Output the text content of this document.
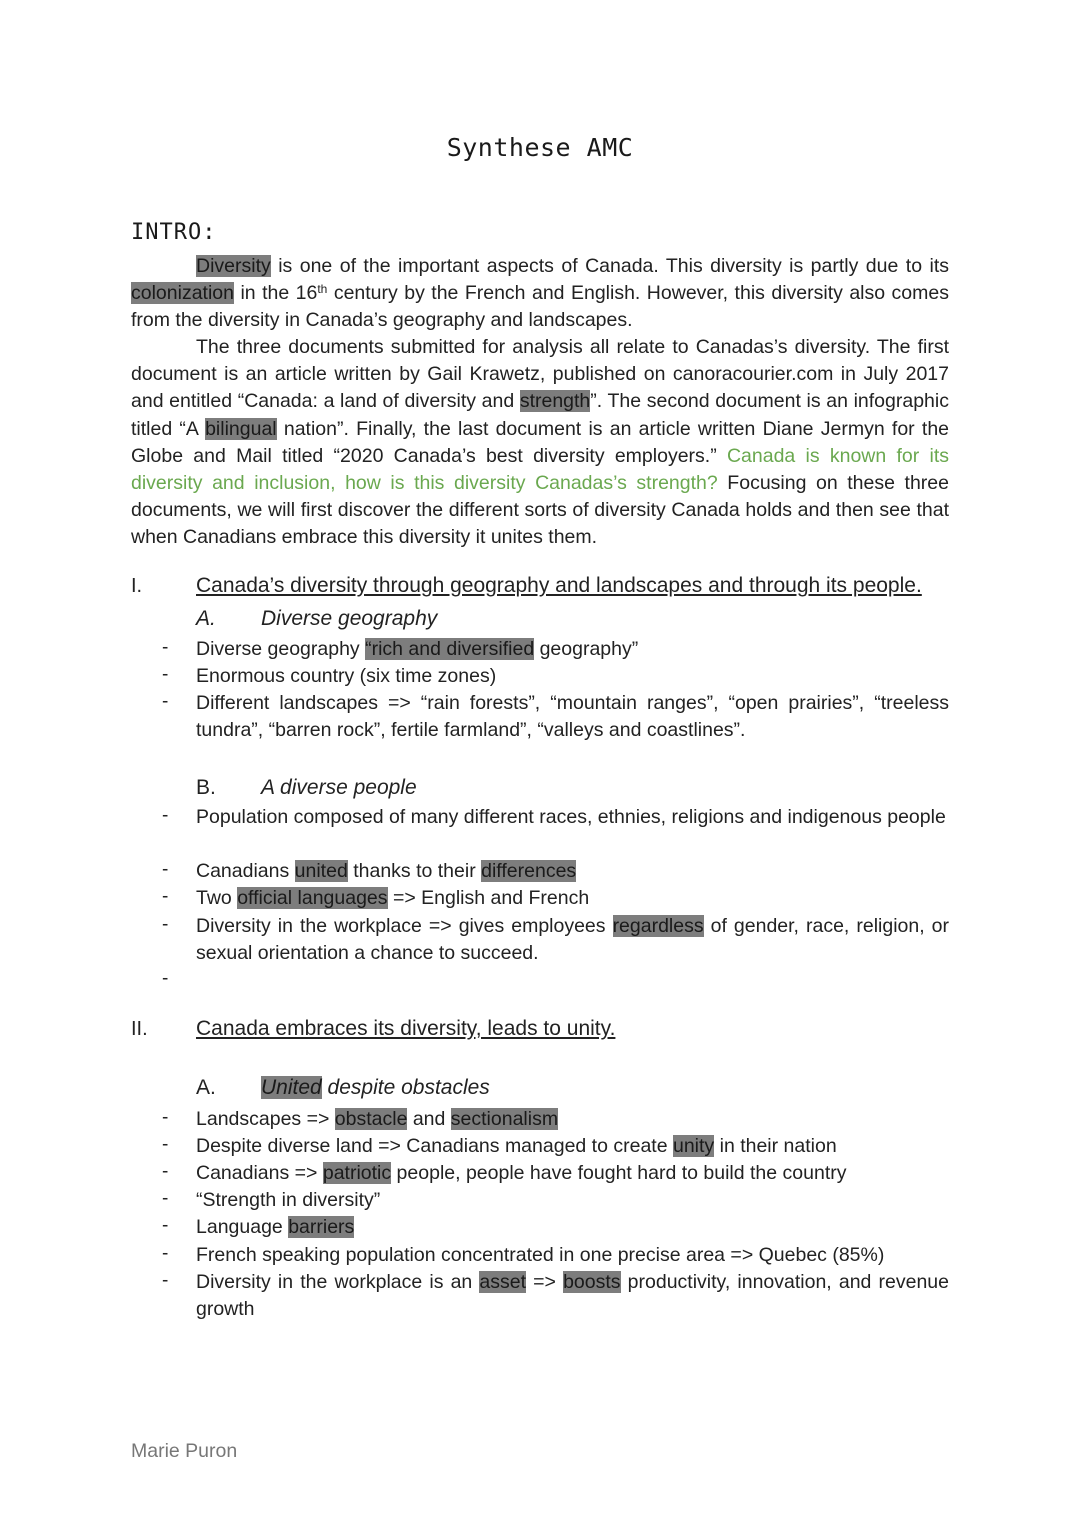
Synthese AMC
INTRO:
Diversity is one of the important aspects of Canada. This diversity is partly due to its colonization in the 16th century by the French and English. However, this diversity also comes from the diversity in Canada’s geography and landscapes.
The three documents submitted for analysis all relate to Canadas’s diversity. The first document is an article written by Gail Krawetz, published on canoracourier.com in July 2017 and entitled “Canada: a land of diversity and strength”. The second document is an infographic titled “A bilingual nation”. Finally, the last document is an article written Diane Jermyn for the Globe and Mail titled “2020 Canada’s best diversity employers.” Canada is known for its diversity and inclusion, how is this diversity Canadas’s strength? Focusing on these three documents, we will first discover the different sorts of diversity Canada holds and then see that when Canadians embrace this diversity it unites them.
I.	Canada’s diversity through geography and landscapes and through its people.
A. Diverse geography
- Diverse geography “rich and diversified geography”
- Enormous country (six time zones)
- Different landscapes => “rain forests”, “mountain ranges”, “open prairies”, “treeless tundra”, “barren rock”, fertile farmland”, “valleys and coastlines”.
B. A diverse people
- Population composed of many different races, ethnies, religions and indigenous people
- Canadians united thanks to their differences
- Two official languages => English and French
- Diversity in the workplace => gives employees regardless of gender, race, religion, or sexual orientation a chance to succeed.
-
II. Canada embraces its diversity, leads to unity.
A. United despite obstacles
- Landscapes => obstacle and sectionalism
- Despite diverse land => Canadians managed to create unity in their nation
- Canadians => patriotic people, people have fought hard to build the country
- “Strength in diversity”
- Language barriers
- French speaking population concentrated in one precise area => Quebec (85%)
- Diversity in the workplace is an asset => boosts productivity, innovation, and revenue growth
Marie Puron
